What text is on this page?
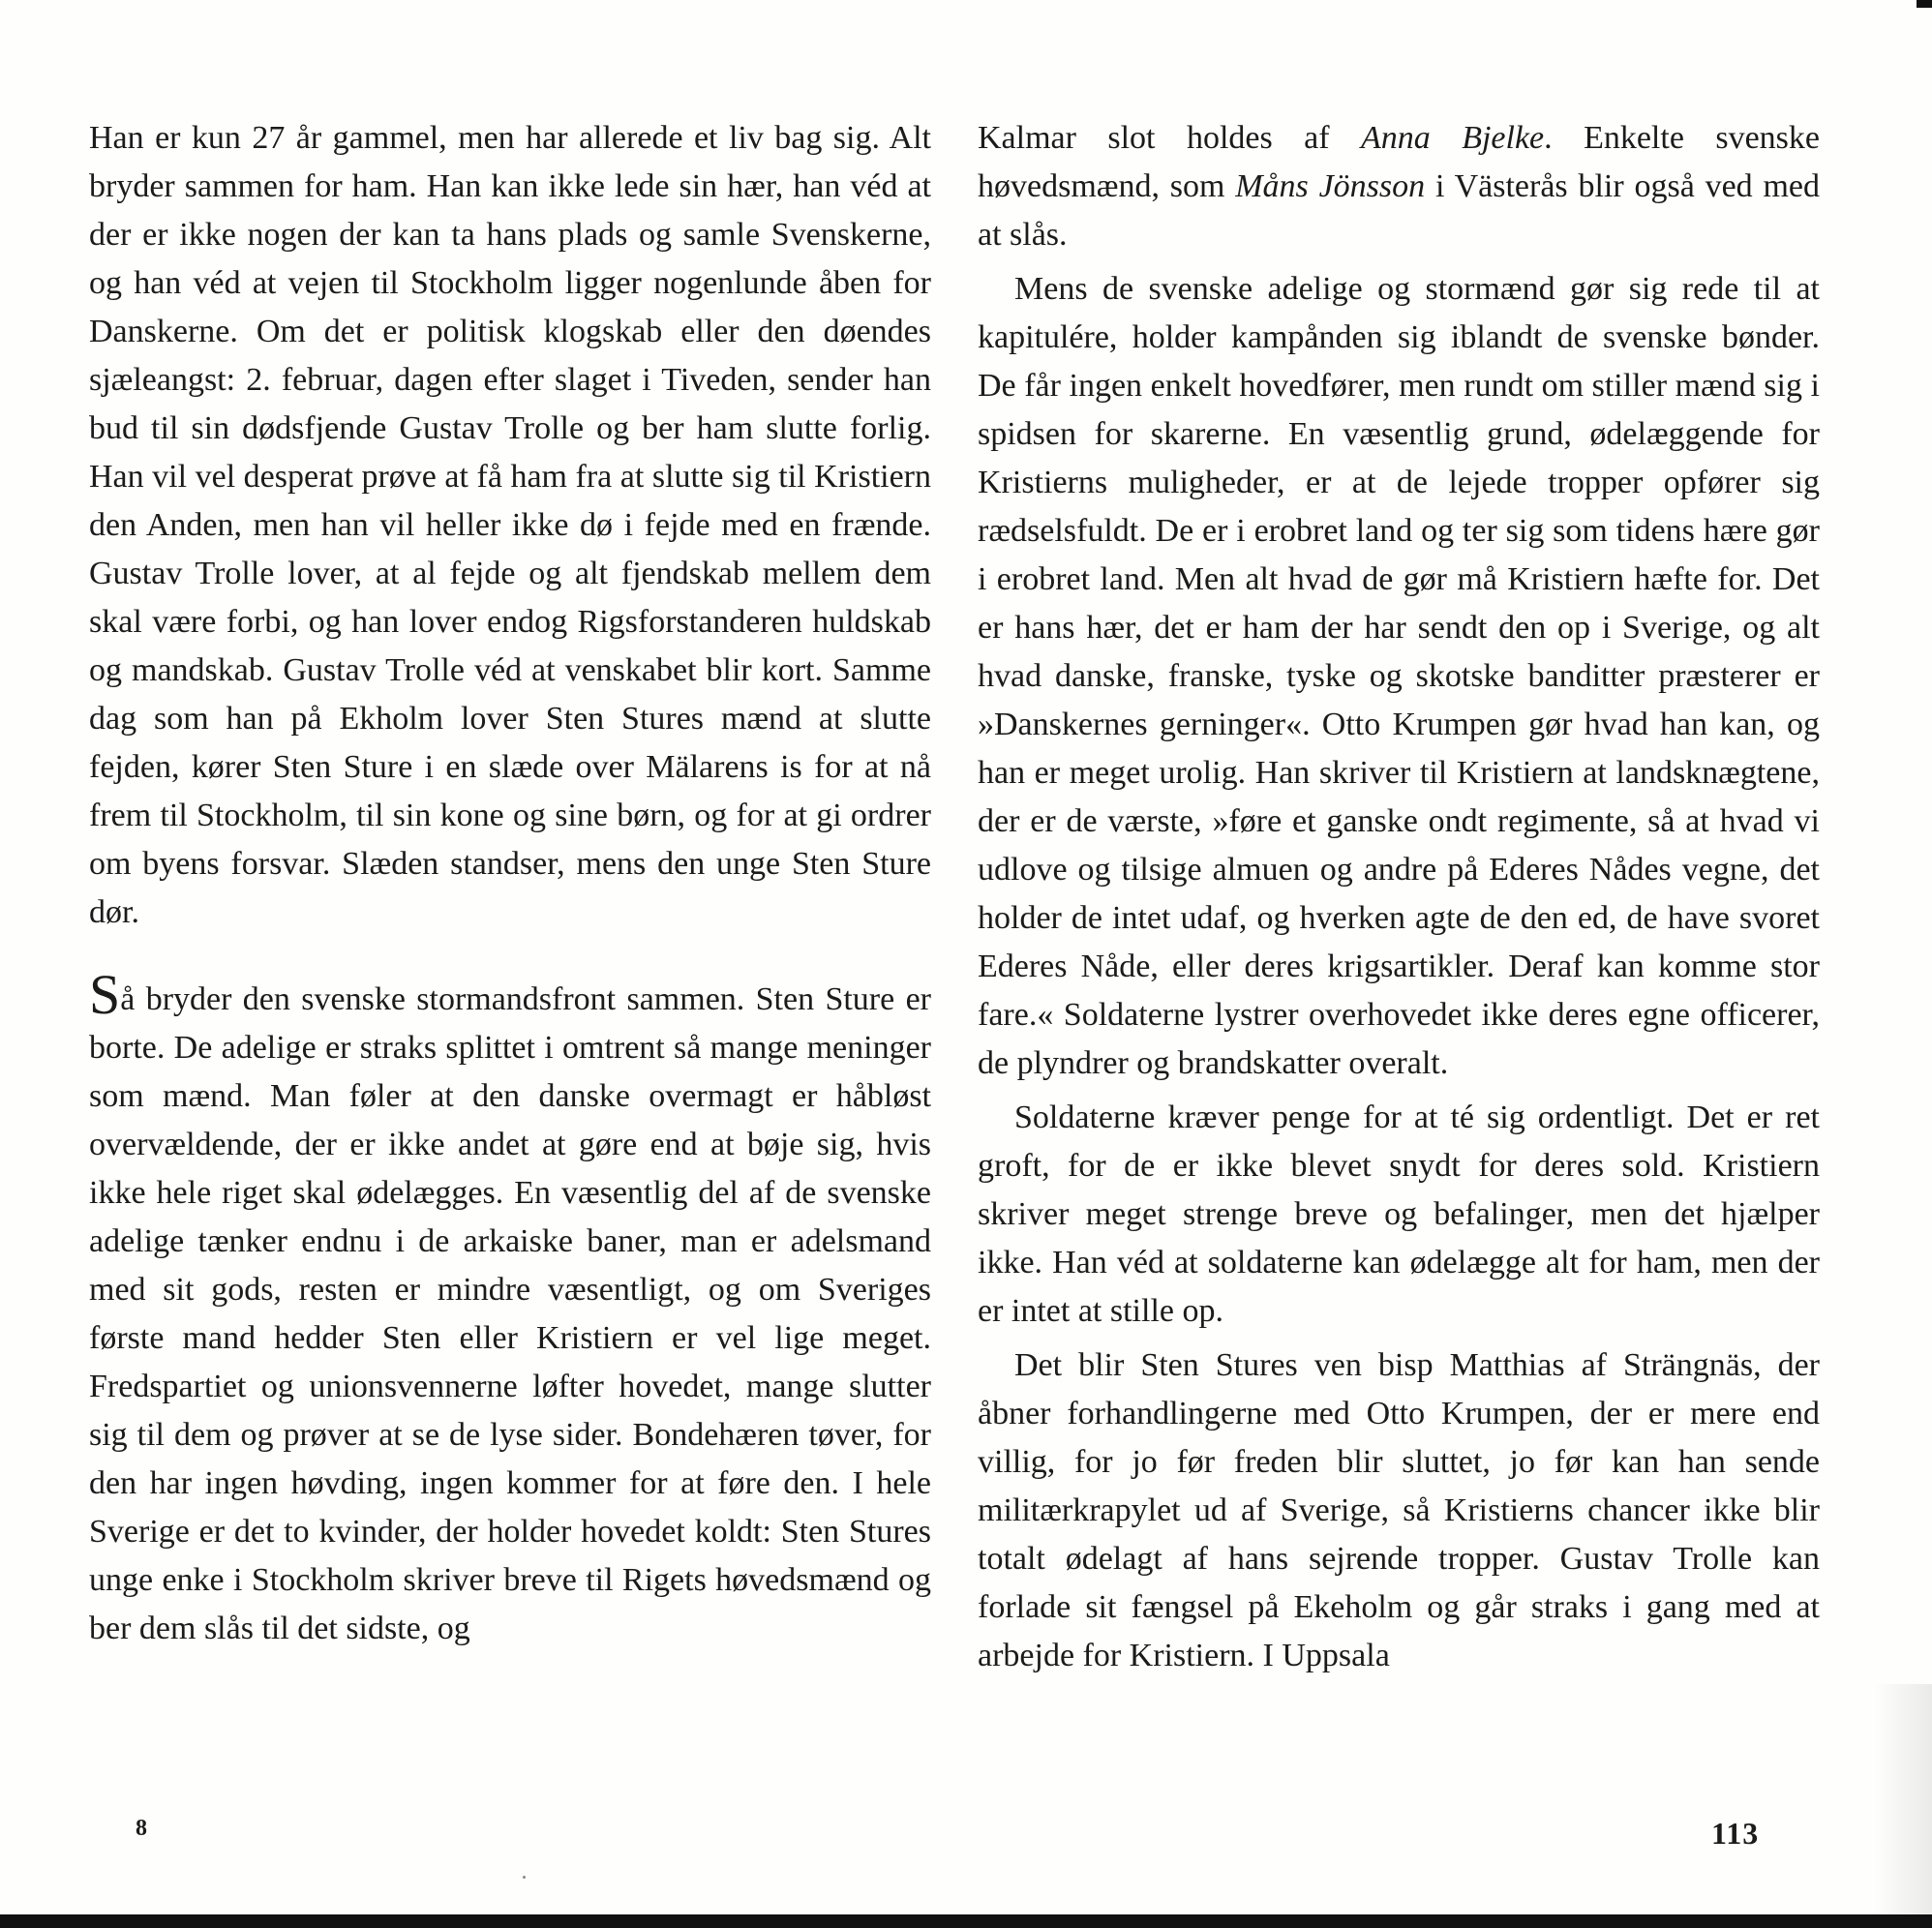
Han er kun 27 år gammel, men har allerede et liv bag sig. Alt bryder sammen for ham. Han kan ikke lede sin hær, han véd at der er ikke nogen der kan ta hans plads og samle Svenskerne, og han véd at vejen til Stockholm ligger nogenlunde åben for Danskerne. Om det er politisk klogskab eller den døendes sjæleangst: 2. februar, dagen efter slaget i Tiveden, sender han bud til sin dødsfjende Gustav Trolle og ber ham slutte forlig. Han vil vel desperat prøve at få ham fra at slutte sig til Kristiern den Anden, men han vil heller ikke dø i fejde med en frænde. Gustav Trolle lover, at al fejde og alt fjendskab mellem dem skal være forbi, og han lover endog Rigsforstanderen huldskab og mandskab. Gustav Trolle véd at venskabet blir kort. Samme dag som han på Ekholm lover Sten Stures mænd at slutte fejden, kører Sten Sture i en slæde over Mälarens is for at nå frem til Stockholm, til sin kone og sine børn, og for at gi ordrer om byens forsvar. Slæden standser, mens den unge Sten Sture dør.

Så bryder den svenske stormandsfront sammen. Sten Sture er borte. De adelige er straks splittet i omtrent så mange meninger som mænd. Man føler at den danske overmagt er håbløst overvældende, der er ikke andet at gøre end at bøje sig, hvis ikke hele riget skal ødelægges. En væsentlig del af de svenske adelige tænker endnu i de arkaiske baner, man er adelsmand med sit gods, resten er mindre væsentligt, og om Sveriges første mand hedder Sten eller Kristiern er vel lige meget. Fredspartiet og unionsvennerne løfter hovedet, mange slutter sig til dem og prøver at se de lyse sider. Bondehæren tøver, for den har ingen høvding, ingen kommer for at føre den. I hele Sverige er det to kvinder, der holder hovedet koldt: Sten Stures unge enke i Stockholm skriver breve til Rigets høvedsmænd og ber dem slås til det sidste, og

Kalmar slot holdes af Anna Bjelke. Enkelte svenske høvedsmænd, som Måns Jönsson i Västerås blir også ved med at slås.

Mens de svenske adelige og stormænd gør sig rede til at kapitulére, holder kampånden sig iblandt de svenske bønder. De får ingen enkelt hovedfører, men rundt om stiller mænd sig i spidsen for skarerne. En væsentlig grund, ødelæggende for Kristierns muligheder, er at de lejede tropper opfører sig rædselsfuldt. De er i erobret land og ter sig som tidens hære gør i erobret land. Men alt hvad de gør må Kristiern hæfte for. Det er hans hær, det er ham der har sendt den op i Sverige, og alt hvad danske, franske, tyske og skotske banditter præsterer er »Danskernes gerninger«. Otto Krumpen gør hvad han kan, og han er meget urolig. Han skriver til Kristiern at landsknægtene, der er de værste, »føre et ganske ondt regimente, så at hvad vi udlove og tilsige almuen og andre på Ederes Nådes vegne, det holder de intet udaf, og hverken agte de den ed, de have svoret Ederes Nåde, eller deres krigsartikler. Deraf kan komme stor fare.« Soldaterne lystrer overhovedet ikke deres egne officerer, de plyndrer og brandskatter overalt.

Soldaterne kræver penge for at té sig ordentligt. Det er ret groft, for de er ikke blevet snydt for deres sold. Kristiern skriver meget strenge breve og befalinger, men det hjælper ikke. Han véd at soldaterne kan ødelægge alt for ham, men der er intet at stille op.

Det blir Sten Stures ven bisp Matthias af Strängnäs, der åbner forhandlingerne med Otto Krumpen, der er mere end villig, for jo før freden blir sluttet, jo før kan han sende militærkrapylet ud af Sverige, så Kristierns chancer ikke blir totalt ødelagt af hans sejrende tropper. Gustav Trolle kan forlade sit fængsel på Ekeholm og går straks i gang med at arbejde for Kristiern. I Uppsala

8	113
